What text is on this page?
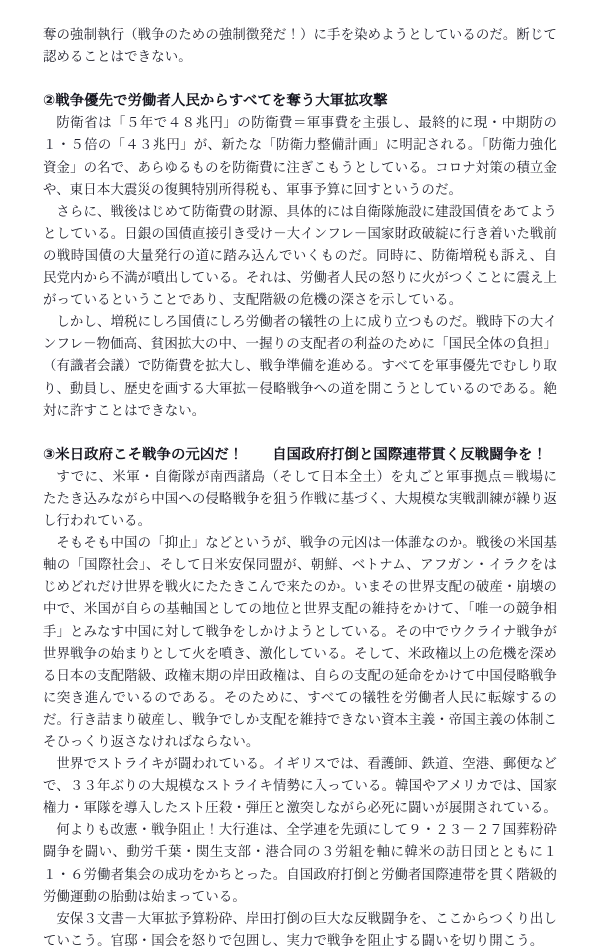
奪の強制執行（戦争のための強制徴発だ！）に手を染めようとしているのだ。断じて認めることはできない。

②戦争優先で労働者人民からすべてを奪う大軍拡攻撃

防衛省は「５年で４８兆円」の防衛費＝軍事費を主張し、最終的に現・中期防の１・５倍の「４３兆円」が、新たな「防衛力整備計画」に明記される。「防衛力強化資金」の名で、あらゆるものを防衛費に注ぎこもうとしている。コロナ対策の積立金や、東日本大震災の復興特別所得税も、軍事予算に回すというのだ。

さらに、戦後はじめて防衛費の財源、具体的には自衛隊施設に建設国債をあてようとしている。日銀の国債直接引き受け－大インフレ－国家財政破綻に行き着いた戦前の戦時国債の大量発行の道に踏み込んでいくものだ。同時に、防衛増税も訴え、自民党内から不満が噴出している。それは、労働者人民の怒りに火がつくことに震え上がっているということであり、支配階級の危機の深さを示している。

しかし、増税にしろ国債にしろ労働者の犠牲の上に成り立つものだ。戦時下の大インフレ－物価高、貧困拡大の中、一握りの支配者の利益のために「国民全体の負担」（有識者会議）で防衛費を拡大し、戦争準備を進める。すべてを軍事優先でむしり取り、動員し、歴史を画する大軍拡－侵略戦争への道を開こうとしているのである。絶対に許すことはできない。

③米日政府こそ戦争の元凶だ！　　自国政府打倒と国際連帯貫く反戦闘争を！

すでに、米軍・自衛隊が南西諸島（そして日本全土）を丸ごと軍事拠点＝戦場にたたき込みながら中国への侵略戦争を狙う作戦に基づく、大規模な実戦訓練が繰り返し行われている。

そもそも中国の「抑止」などというが、戦争の元凶は一体誰なのか。戦後の米国基軸の「国際社会」、そして日米安保同盟が、朝鮮、ベトナム、アフガン・イラクをはじめどれだけ世界を戦火にたたきこんで来たのか。いまその世界支配の破産・崩壊の中で、米国が自らの基軸国としての地位と世界支配の維持をかけて、「唯一の競争相手」とみなす中国に対して戦争をしかけようとしている。その中でウクライナ戦争が世界戦争の始まりとして火を噴き、激化している。そして、米政権以上の危機を深める日本の支配階級、政権末期の岸田政権は、自らの支配の延命をかけて中国侵略戦争に突き進んでいるのである。そのために、すべての犠牲を労働者人民に転嫁するのだ。行き詰まり破産し、戦争でしか支配を維持できない資本主義・帝国主義の体制こそひっくり返さなければならない。

世界でストライキが闘われている。イギリスでは、看護師、鉄道、空港、郵便などで、３３年ぶりの大規模なストライキ情勢に入っている。韓国やアメリカでは、国家権力・軍隊を導入したスト圧殺・弾圧と激突しながら必死に闘いが展開されている。

何よりも改憲・戦争阻止！大行進は、全学連を先頭にして９・２３－２７国葬粉砕闘争を闘い、動労千葉・関生支部・港合同の３労組を軸に韓米の訪日団とともに１１・６労働者集会の成功をかちとった。自国政府打倒と労働者国際連帯を貫く階級的労働運動の胎動は始まっている。

安保３文書－大軍拡予算粉砕、岸田打倒の巨大な反戦闘争を、ここからつくり出していこう。官邸・国会を怒りで包囲し、実力で戦争を阻止する闘いを切り開こう。
